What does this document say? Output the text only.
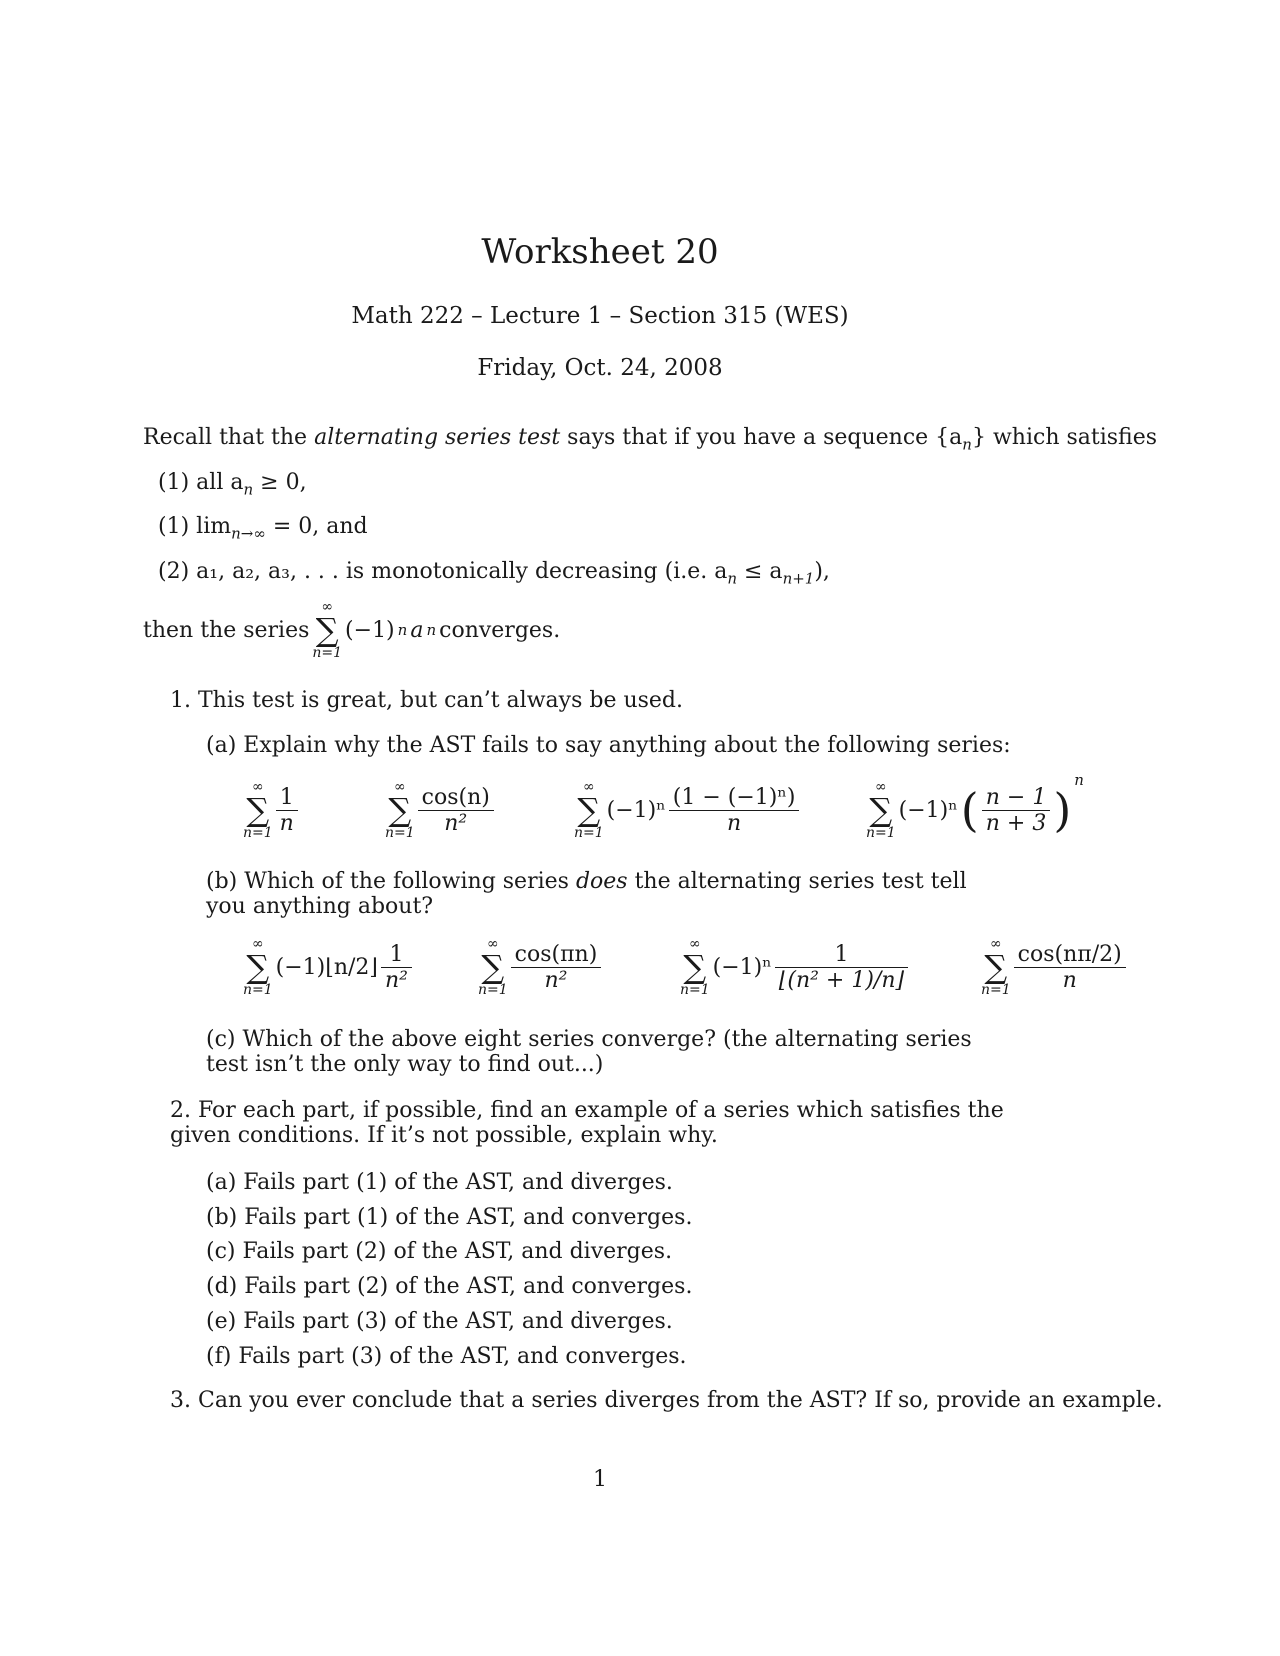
Worksheet 20
Math 222 – Lecture 1 – Section 315 (WES)
Friday, Oct. 24, 2008
Recall that the alternating series test says that if you have a sequence $\{a_n\}$ which satisfies
(1) all $a_n \ge 0$,
(1) $\lim_{n\to\infty} = 0$, and
(2) a₁, a₂, a₃, . . . is monotonically decreasing (i.e. $a_n \le a_{n+1}$),
then the series
∞
∑
n=1
(−1) n a n converges.
1. This test is great, but can’t always be used.
(a) Explain why the AST fails to say anything about the following series:
∞
∑
$n=1 \frac{1}{n}$	∞
∑
$n=1 \frac{\cos(n)}{\text{n²}}$	∞
∑
n=1
$(-1)^n \frac{\text{(1 − (−1)ⁿ)}}{n}$	∞
∑
n=1
(−1)ⁿ ( $\frac{n - 1}{n + 3}$ )
n
(b) Which of the following series does the alternating series test tell you anything about?
∞
∑
n=1
(−1)⌊n/2⌋ $\frac{1}{\text{n²}}$	∞
∑
$n=1 \frac{\cos(\pi n)}{\text{n²}}$	∞
∑
n=1
$(-1)^n \frac{1}{\text{⌊(n² + 1)/n⌋}}$	∞
∑
$n=1 \frac{\cos(n\pi/2)}{n}$
(c) Which of the above eight series converge? (the alternating series test isn’t the only way to find out...)
2. For each part, if possible, find an example of a series which satisfies the given conditions. If it’s not possible, explain why.
(a) Fails part (1) of the AST, and diverges.
(b) Fails part (1) of the AST, and converges.
(c) Fails part (2) of the AST, and diverges.
(d) Fails part (2) of the AST, and converges.
(e) Fails part (3) of the AST, and diverges.
(f) Fails part (3) of the AST, and converges.
3. Can you ever conclude that a series diverges from the AST? If so, provide an example.
1
